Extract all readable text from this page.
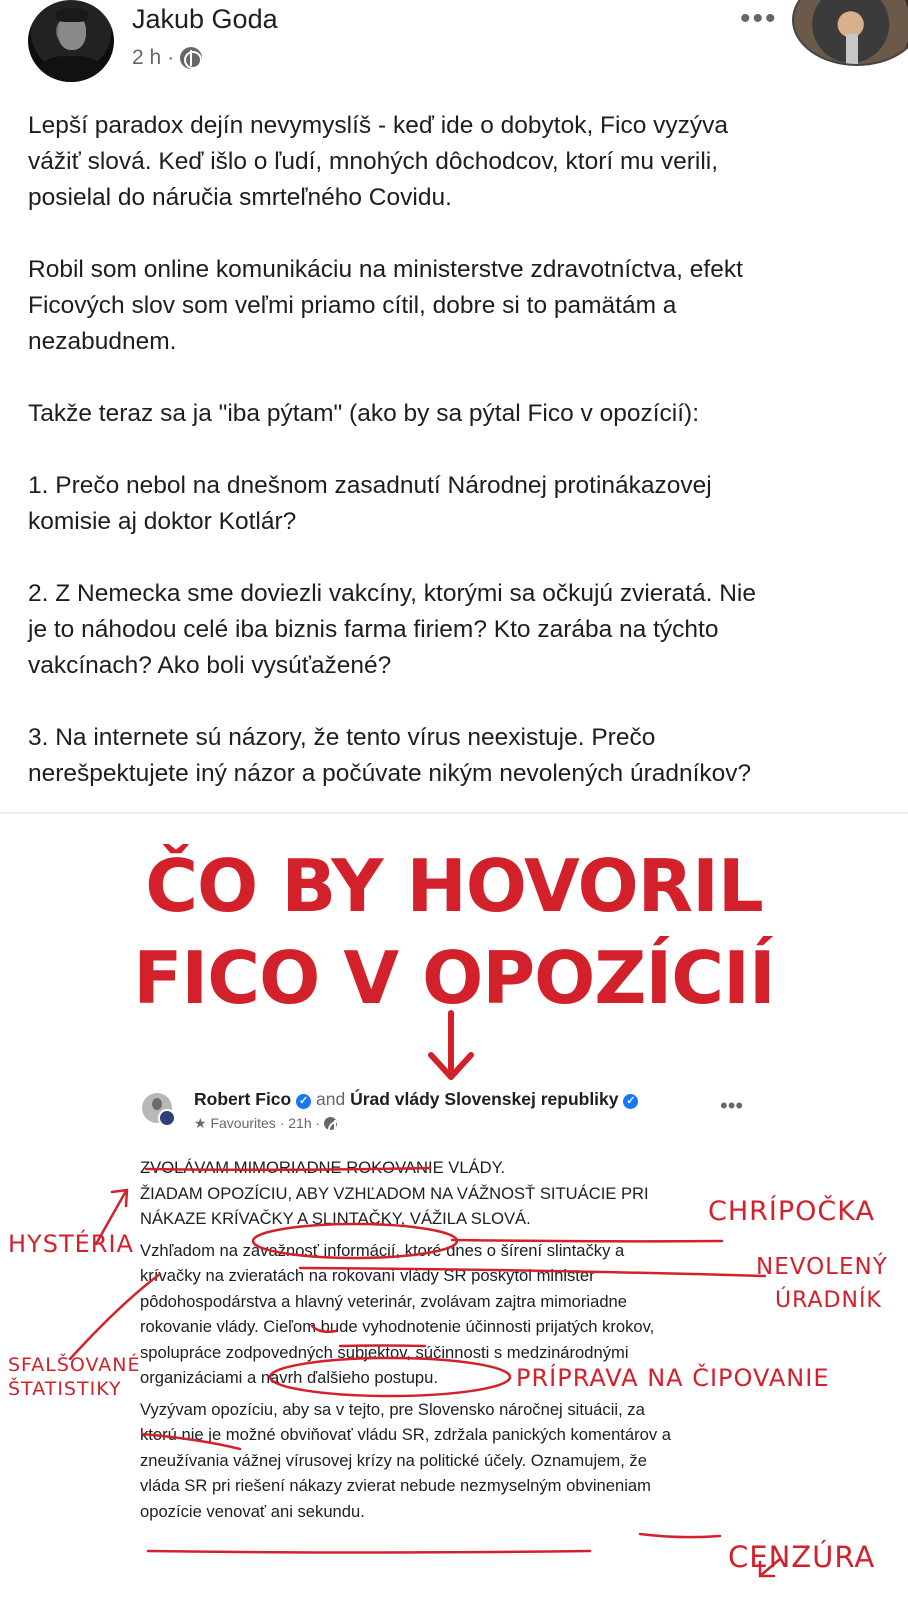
Jakub Goda
2 h ·
•••

Lepší paradox dejín nevymyslíš - keď ide o dobytok, Fico vyzýva
vážiť slová. Keď išlo o ľudí, mnohých dôchodcov, ktorí mu verili,
posielal do náručia smrteľného Covidu.

Robil som online komunikáciu na ministerstve zdravotníctva, efekt
Ficových slov som veľmi priamo cítil, dobre si to pamätám a
nezabudnem.

Takže teraz sa ja "iba pýtam" (ako by sa pýtal Fico v opozícií):

1. Prečo nebol na dnešnom zasadnutí Národnej protinákazovej
komisie aj doktor Kotlár?

2. Z Nemecka sme doviezli vakcíny, ktorými sa očkujú zvieratá. Nie
je to náhodou celé iba biznis farma firiem? Kto zarába na týchto
vakcínach? Ako boli vysúťažené?

3. Na internete sú názory, že tento vírus neexistuje. Prečo
nerešpektujete iný názor a počúvate nikým nevolených úradníkov?

ČO BY HOVORIL
FICO V OPOZÍCIÍ
Robert Fico ✓ and Úrad vlády Slovenskej republiky ✓
★ Favourites · 21h ·
•••

ZVOLÁVAM MIMORIADNE ROKOVANIE VLÁDY.
ŽIADAM OPOZÍCIU, ABY VZHĽADOM NA VÁŽNOSŤ SITUÁCIE PRI
NÁKAZE KRÍVAČKY A SLINTAČKY, VÁŽILA SLOVÁ.

Vzhľadom na závažnosť informácií, ktoré dnes o šírení slintačky a
krívačky na zvieratách na rokovaní vlády SR poskytol minister
pôdohospodárstva a hlavný veterinár, zvolávam zajtra mimoriadne
rokovanie vlády. Cieľom bude vyhodnotenie účinnosti prijatých krokov,
spolupráce zodpovedných subjektov, súčinnosti s medzinárodnými
organizáciami a návrh ďalšieho postupu.

Vyzývam opozíciu, aby sa v tejto, pre Slovensko náročnej situácii, za
ktorú nie je možné obviňovať vládu SR, zdržala panických komentárov a
zneužívania vážnej vírusovej krízy na politické účely. Oznamujem, že
vláda SR pri riešení nákazy zvierat nebude nezmyselným obvineniam
opozície venovať ani sekundu.

CHRÍPOČKA
HYSTÉRIA
NEVOLENÝ
ÚRADNÍK
SFALŠOVANÉ
ŠTATISTIKY	PRÍPRAVA NA ČIPOVANIE
CENZÚRA
